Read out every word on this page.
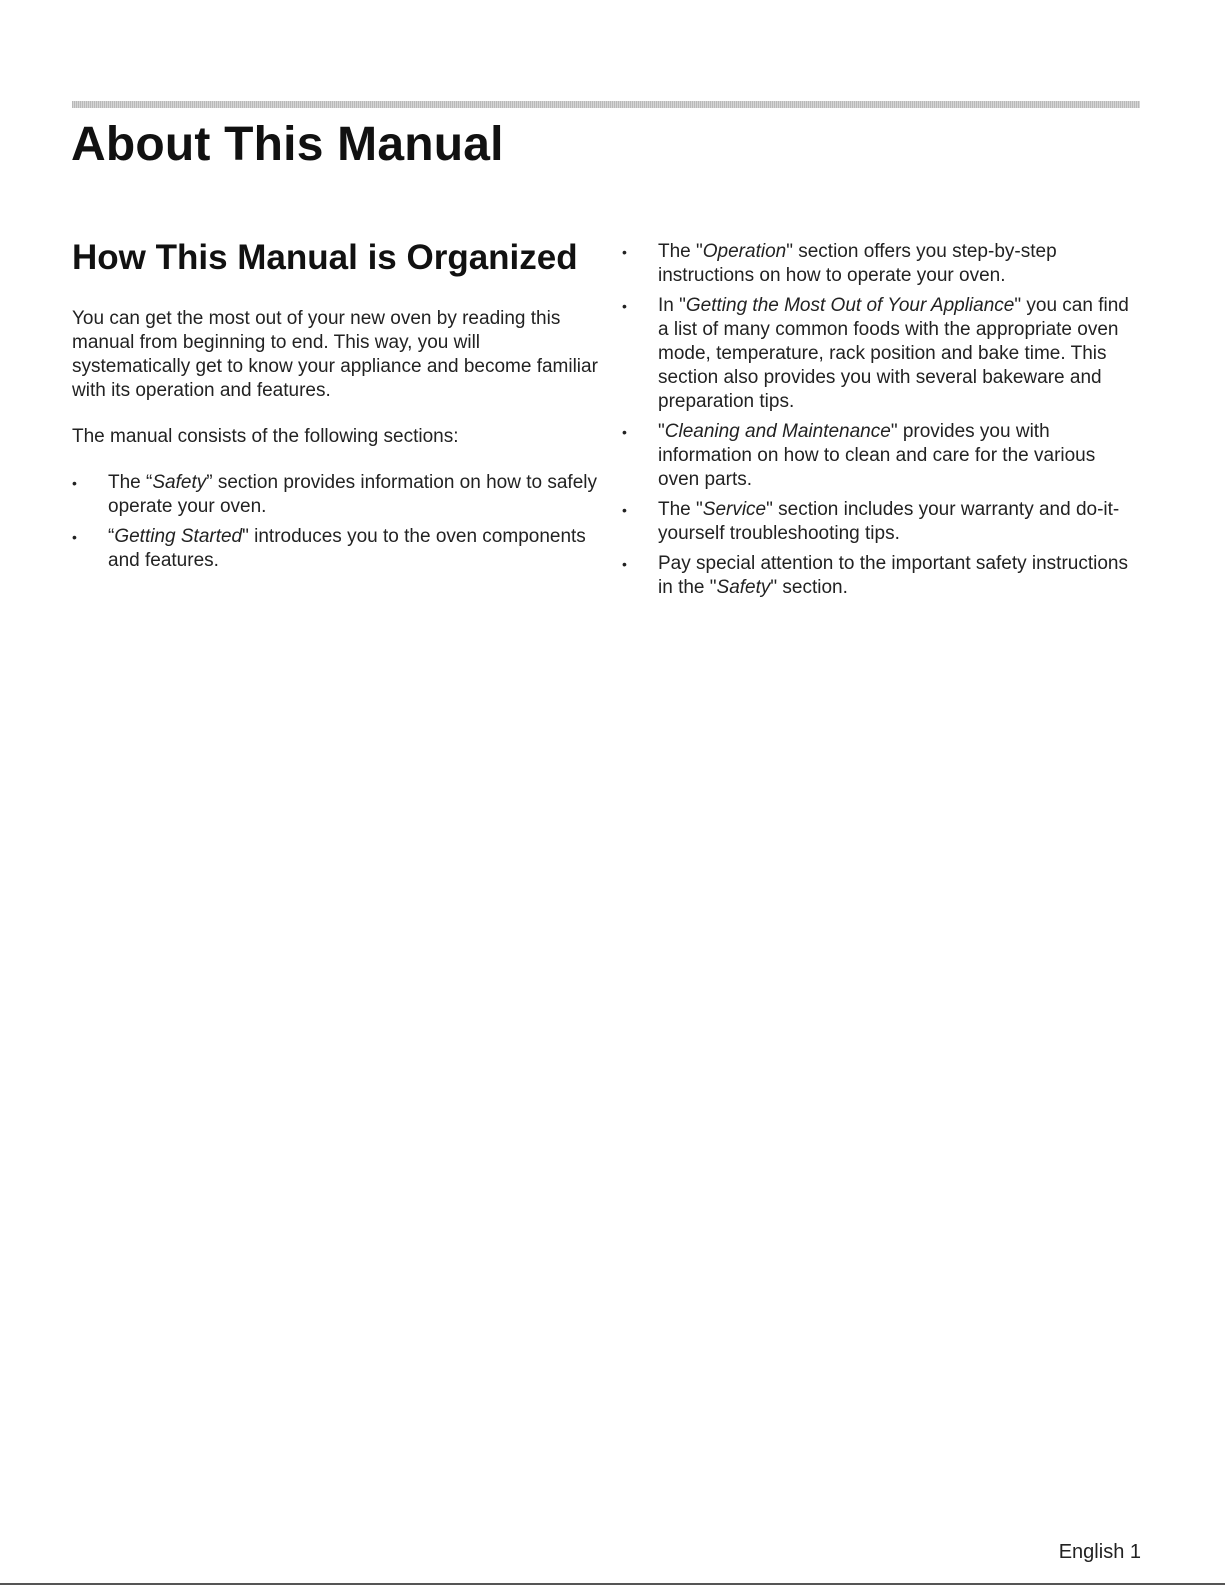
About This Manual
How This Manual is Organized

You can get the most out of your new oven by reading this manual from beginning to end. This way, you will systematically get to know your appliance and become familiar with its operation and features.

The manual consists of the following sections:

• The “Safety” section provides information on how to safely operate your oven.
• “Getting Started" introduces you to the oven components and features.
• The "Operation" section offers you step-by-step instructions on how to operate your oven.
• In "Getting the Most Out of Your Appliance" you can find a list of many common foods with the appropriate oven mode, temperature, rack position and bake time. This section also provides you with several bakeware and preparation tips.
• "Cleaning and Maintenance" provides you with information on how to clean and care for the various oven parts.
• The "Service" section includes your warranty and do-it-yourself troubleshooting tips.
• Pay special attention to the important safety instructions in the "Safety" section.
English 1
